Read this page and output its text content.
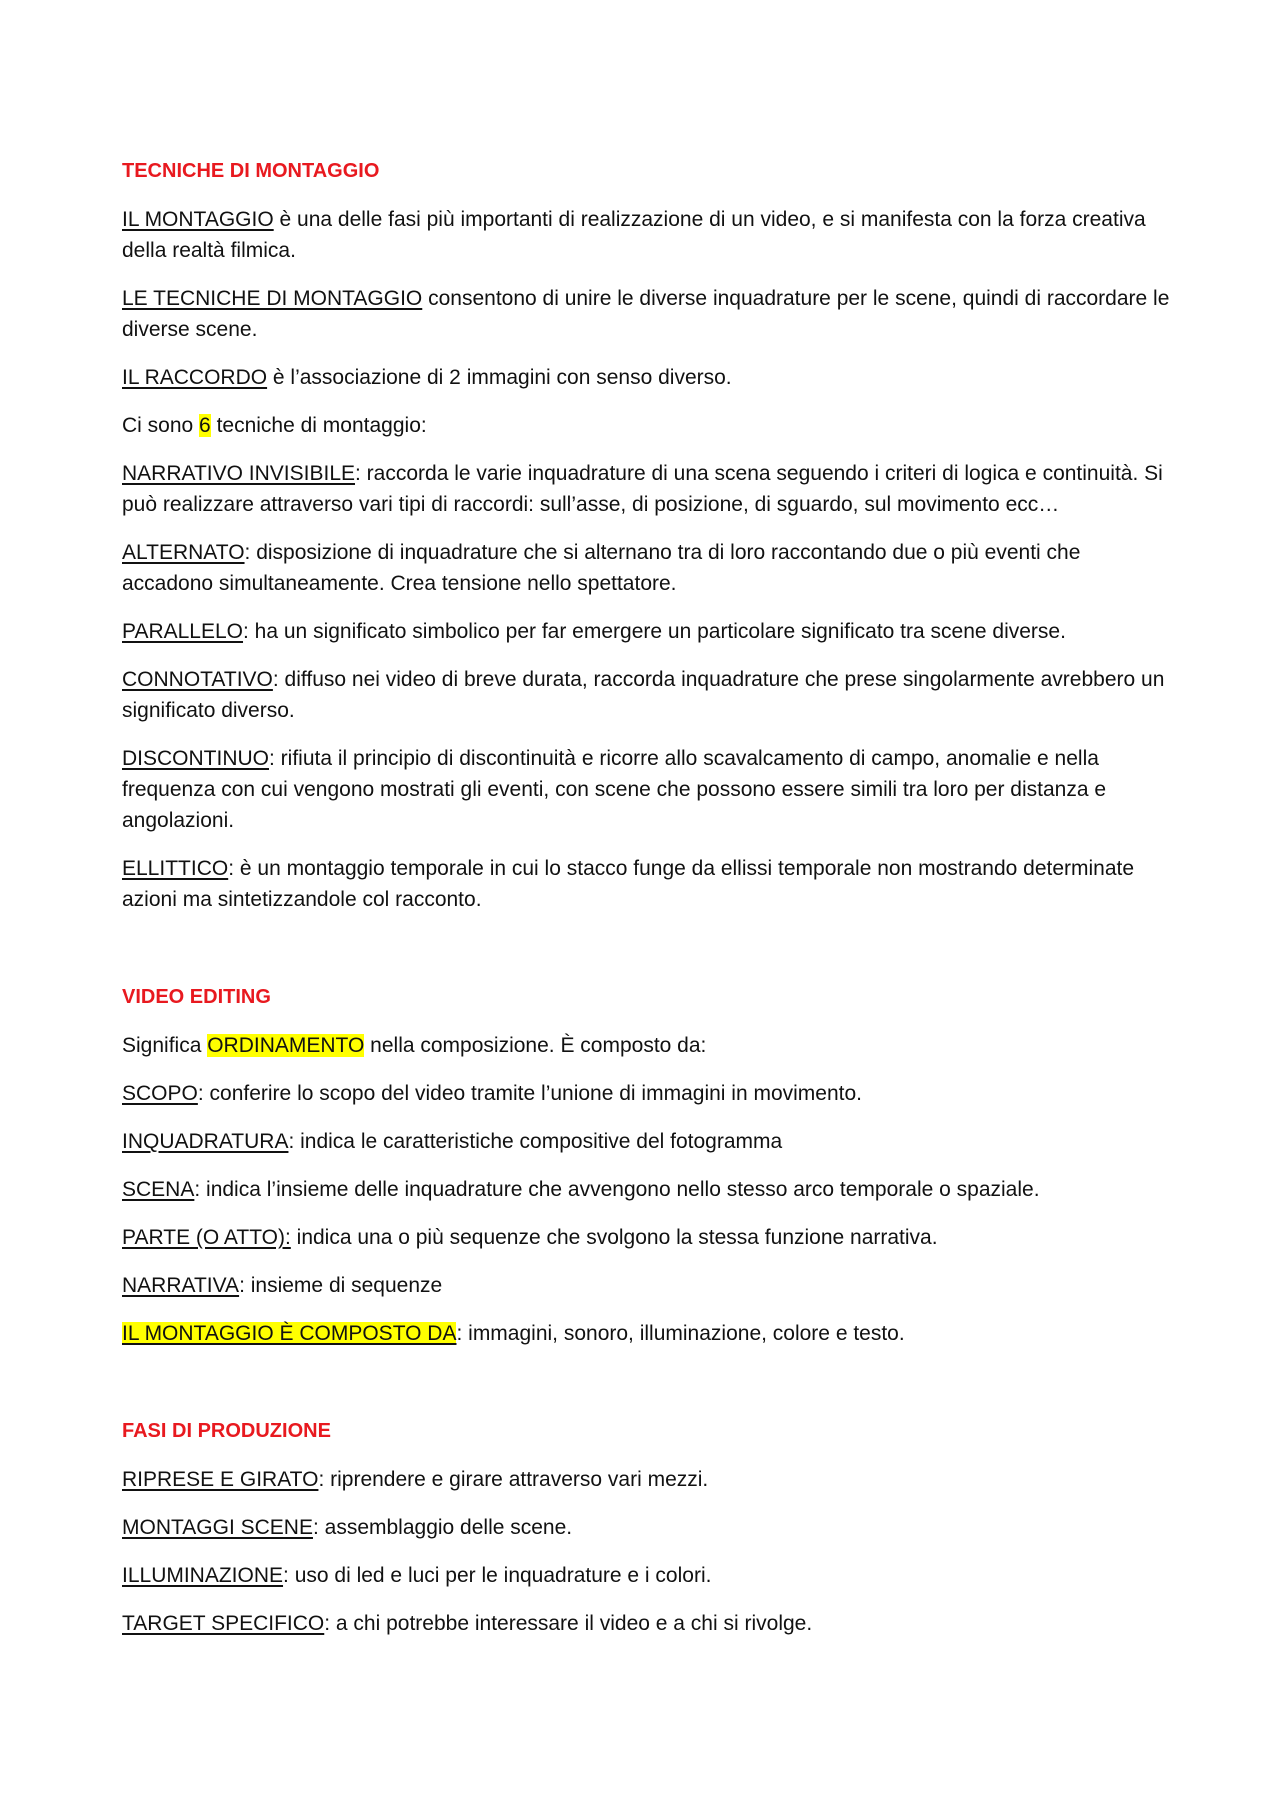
TECNICHE DI MONTAGGIO

IL MONTAGGIO è una delle fasi più importanti di realizzazione di un video, e si manifesta con la forza creativa della realtà filmica.

LE TECNICHE DI MONTAGGIO consentono di unire le diverse inquadrature per le scene, quindi di raccordare le diverse scene.

IL RACCORDO è l’associazione di 2 immagini con senso diverso.

Ci sono 6 tecniche di montaggio:

NARRATIVO INVISIBILE: raccorda le varie inquadrature di una scena seguendo i criteri di logica e continuità. Si può realizzare attraverso vari tipi di raccordi: sull’asse, di posizione, di sguardo, sul movimento ecc…

ALTERNATO: disposizione di inquadrature che si alternano tra di loro raccontando due o più eventi che accadono simultaneamente. Crea tensione nello spettatore.

PARALLELO: ha un significato simbolico per far emergere un particolare significato tra scene diverse.

CONNOTATIVO: diffuso nei video di breve durata, raccorda inquadrature che prese singolarmente avrebbero un significato diverso.

DISCONTINUO: rifiuta il principio di discontinuità e ricorre allo scavalcamento di campo, anomalie e nella frequenza con cui vengono mostrati gli eventi, con scene che possono essere simili tra loro per distanza e angolazioni.

ELLITTICO: è un montaggio temporale in cui lo stacco funge da ellissi temporale non mostrando determinate azioni ma sintetizzandole col racconto.

VIDEO EDITING

Significa ORDINAMENTO nella composizione. È composto da:

SCOPO: conferire lo scopo del video tramite l’unione di immagini in movimento.

INQUADRATURA: indica le caratteristiche compositive del fotogramma

SCENA: indica l’insieme delle inquadrature che avvengono nello stesso arco temporale o spaziale.

PARTE (O ATTO): indica una o più sequenze che svolgono la stessa funzione narrativa.

NARRATIVA: insieme di sequenze

IL MONTAGGIO È COMPOSTO DA: immagini, sonoro, illuminazione, colore e testo.

FASI DI PRODUZIONE

RIPRESE E GIRATO: riprendere e girare attraverso vari mezzi.

MONTAGGI SCENE: assemblaggio delle scene.

ILLUMINAZIONE: uso di led e luci per le inquadrature e i colori.

TARGET SPECIFICO: a chi potrebbe interessare il video e a chi si rivolge.
